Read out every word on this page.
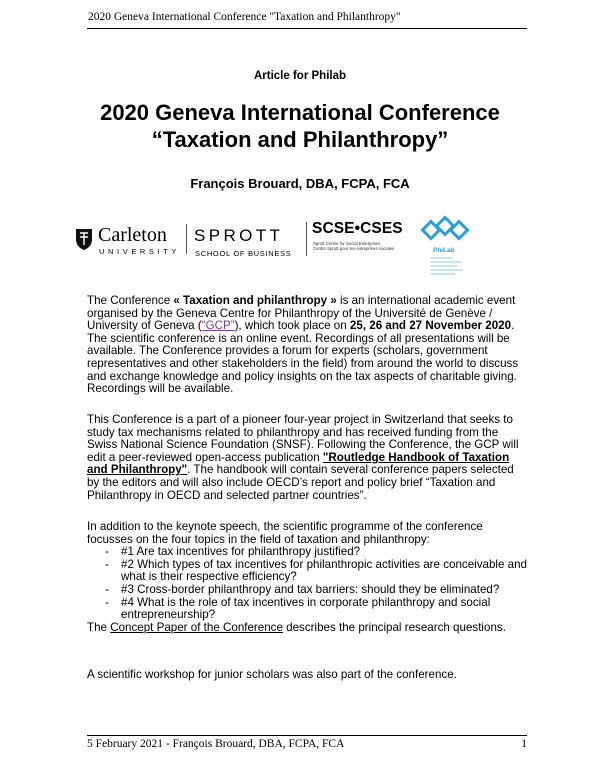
2020 Geneva International Conference "Taxation and Philanthropy"
Article for Philab
2020 Geneva International Conference
“Taxation and Philanthropy”
François Brouard, DBA, FCPA, FCA
Carleton
UNIVERSITY
SPROTT
SCHOOL OF BUSINESS
SCSE•CSES
Sprott Centre for Social Enterprises
Centre Sprott pour les entreprises sociales	PhiLab

The Conference « Taxation and philanthropy » is an international academic event organised by the Geneva Centre for Philanthropy of the Université de Genève / University of Geneva (“GCP”), which took place on 25, 26 and 27 November 2020. The scientific conference is an online event. Recordings of all presentations will be available. The Conference provides a forum for experts (scholars, government representatives and other stakeholders in the field) from around the world to discuss and exchange knowledge and policy insights on the tax aspects of charitable giving. Recordings will be available.

This Conference is a part of a pioneer four-year project in Switzerland that seeks to study tax mechanisms related to philanthropy and has received funding from the Swiss National Science Foundation (SNSF). Following the Conference, the GCP will edit a peer-reviewed open-access publication "Routledge Handbook of Taxation and Philanthropy". The handbook will contain several conference papers selected by the editors and will also include OECD’s report and policy brief “Taxation and Philanthropy in OECD and selected partner countries”.

In addition to the keynote speech, the scientific programme of the conference focusses on the four topics in the field of taxation and philanthropy:

- #1 Are tax incentives for philanthropy justified?
- #2 Which types of tax incentives for philanthropic activities are conceivable and what is their respective efficiency?
- #3 Cross-border philanthropy and tax barriers: should they be eliminated?
- #4 What is the role of tax incentives in corporate philanthropy and social entrepreneurship?

The Concept Paper of the Conference describes the principal research questions.

A scientific workshop for junior scholars was also part of the conference.
5 February 2021 - François Brouard, DBA, FCPA, FCA	1
